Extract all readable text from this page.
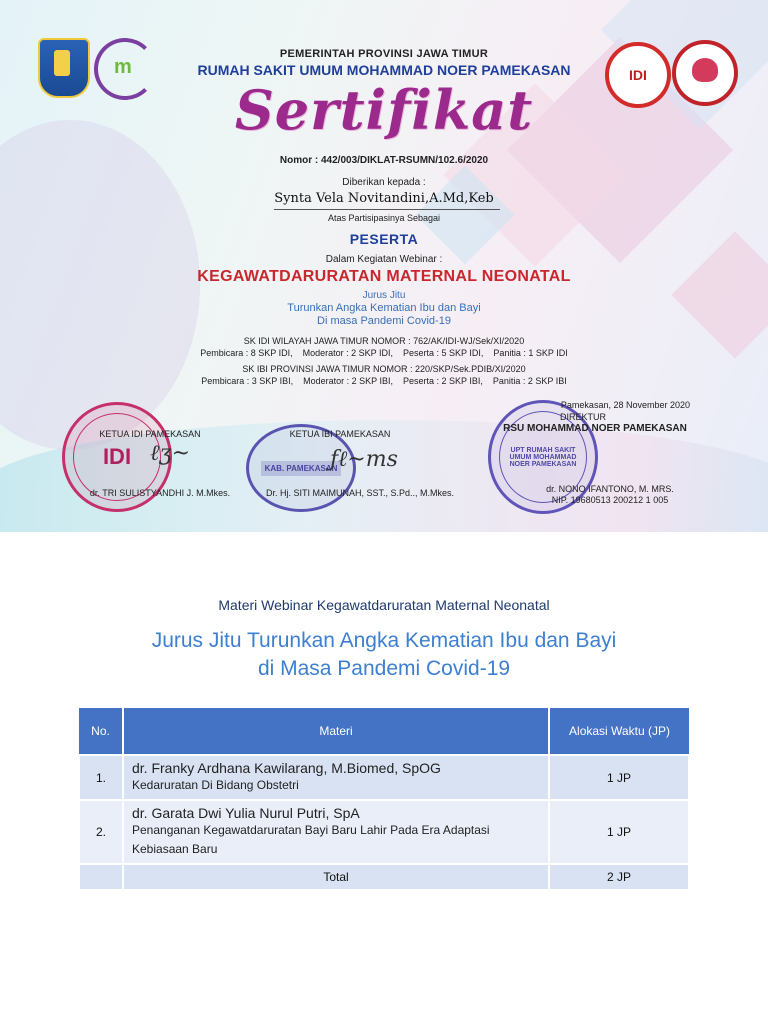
m	IDI
PEMERINTAH PROVINSI JAWA TIMUR
RUMAH SAKIT UMUM MOHAMMAD NOER PAMEKASAN
Sertifikat
Nomor : 442/003/DIKLAT-RSUMN/102.6/2020
Diberikan kepada :
Synta Vela Novitandini,A.Md,Keb
Atas Partisipasinya Sebagai
PESERTA
Dalam Kegiatan Webinar :
KEGAWATDARURATAN MATERNAL NEONATAL
Jurus Jitu
Turunkan Angka Kematian Ibu dan Bayi
Di masa Pandemi Covid-19
SK IDI WILAYAH JAWA TIMUR NOMOR : 762/AK/IDI-WJ/Sek/XI/2020
Pembicara : 8 SKP IDI,    Moderator : 2 SKP IDI,    Peserta : 5 SKP IDI,    Panitia : 1 SKP IDI
SK IBI PROVINSI JAWA TIMUR NOMOR : 220/SKP/Sek.PDIB/XI/2020
Pembicara : 3 SKP IBI,    Moderator : 2 SKP IBI,    Peserta : 2 SKP IBI,    Panitia : 2 SKP IBI
IDI	KAB. PAMEKASAN
UPT RUMAH SAKIT UMUM MOHAMMAD NOER PAMEKASAN
ℓʒ~	ƒℓ~ms
KETUA IDI PAMEKASAN
dr. TRI SULISTYANDHI J. M.Mkes.
KETUA IBI PAMEKASAN
Dr. Hj. SITI MAIMUNAH, SST., S.Pd.., M.Mkes.
Pamekasan, 28 November 2020
DIREKTUR
RSU MOHAMMAD NOER PAMEKASAN
dr. NONO IFANTONO, M. MRS.
NIP. 19680513 200212 1 005
Materi Webinar Kegawatdaruratan Maternal Neonatal
Jurus Jitu Turunkan Angka Kematian Ibu dan Bayi
di Masa Pandemi Covid-19
No.	Materi	Alokasi Waktu (JP)
1.	dr. Franky Ardhana Kawilarang, M.Biomed, SpOG
Kedaruratan Di Bidang Obstetri	1 JP
2.	dr. Garata Dwi Yulia Nurul Putri, SpA
Penanganan Kegawatdaruratan Bayi Baru Lahir Pada Era Adaptasi Kebiasaan Baru	1 JP
	Total	2 JP
